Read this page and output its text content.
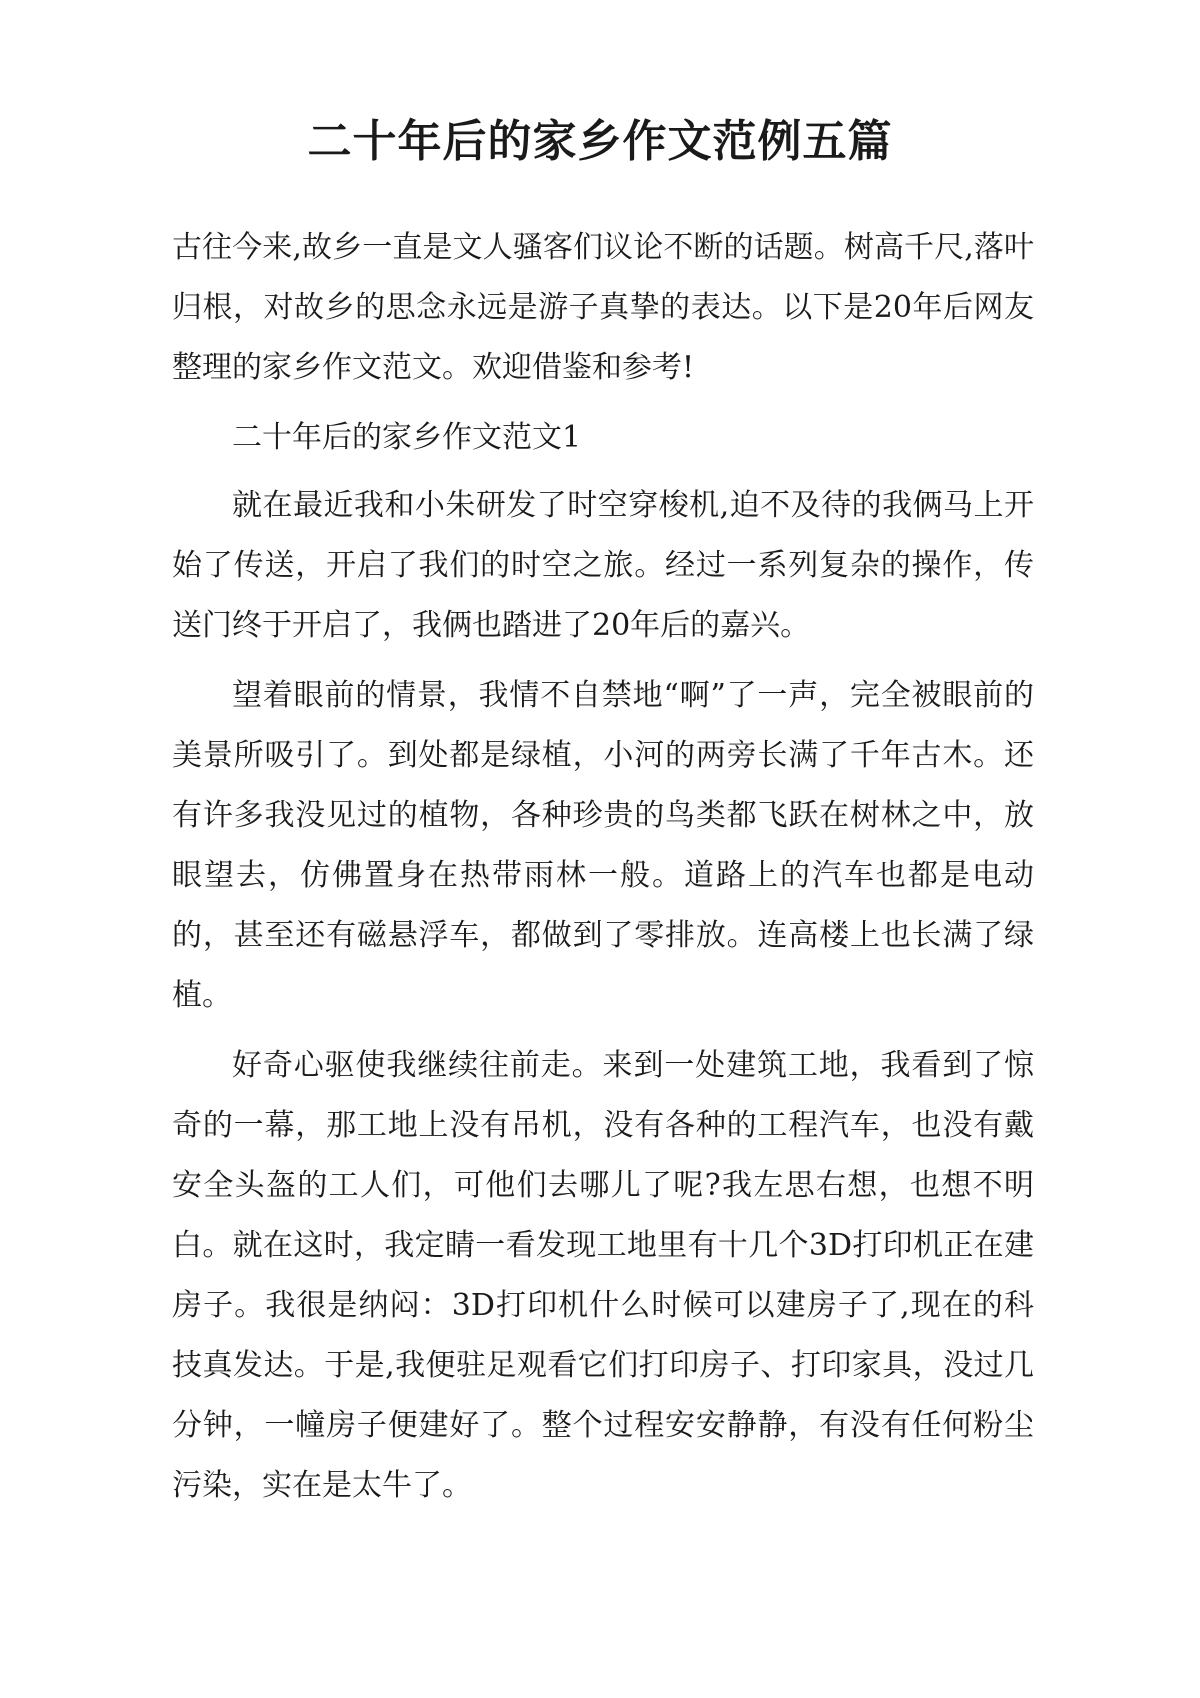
二十年后的家乡作文范例五篇

古往今来,故乡一直是文人骚客们议论不断的话题。树高千尺,落叶归根，对故乡的思念永远是游子真挚的表达。以下是20年后网友整理的家乡作文范文。欢迎借鉴和参考!

二十年后的家乡作文范文1

就在最近我和小朱研发了时空穿梭机,迫不及待的我俩马上开始了传送，开启了我们的时空之旅。经过一系列复杂的操作，传送门终于开启了，我俩也踏进了20年后的嘉兴。

望着眼前的情景，我情不自禁地“啊”了一声，完全被眼前的美景所吸引了。到处都是绿植，小河的两旁长满了千年古木。还有许多我没见过的植物，各种珍贵的鸟类都飞跃在树林之中，放眼望去，仿佛置身在热带雨林一般。道路上的汽车也都是电动的，甚至还有磁悬浮车，都做到了零排放。连高楼上也长满了绿植。

好奇心驱使我继续往前走。来到一处建筑工地，我看到了惊奇的一幕，那工地上没有吊机，没有各种的工程汽车，也没有戴安全头盔的工人们，可他们去哪儿了呢?我左思右想，也想不明白。就在这时，我定睛一看发现工地里有十几个3D打印机正在建房子。我很是纳闷：3D打印机什么时候可以建房子了,现在的科技真发达。于是,我便驻足观看它们打印房子、打印家具，没过几分钟，一幢房子便建好了。整个过程安安静静，有没有任何粉尘污染，实在是太牛了。
